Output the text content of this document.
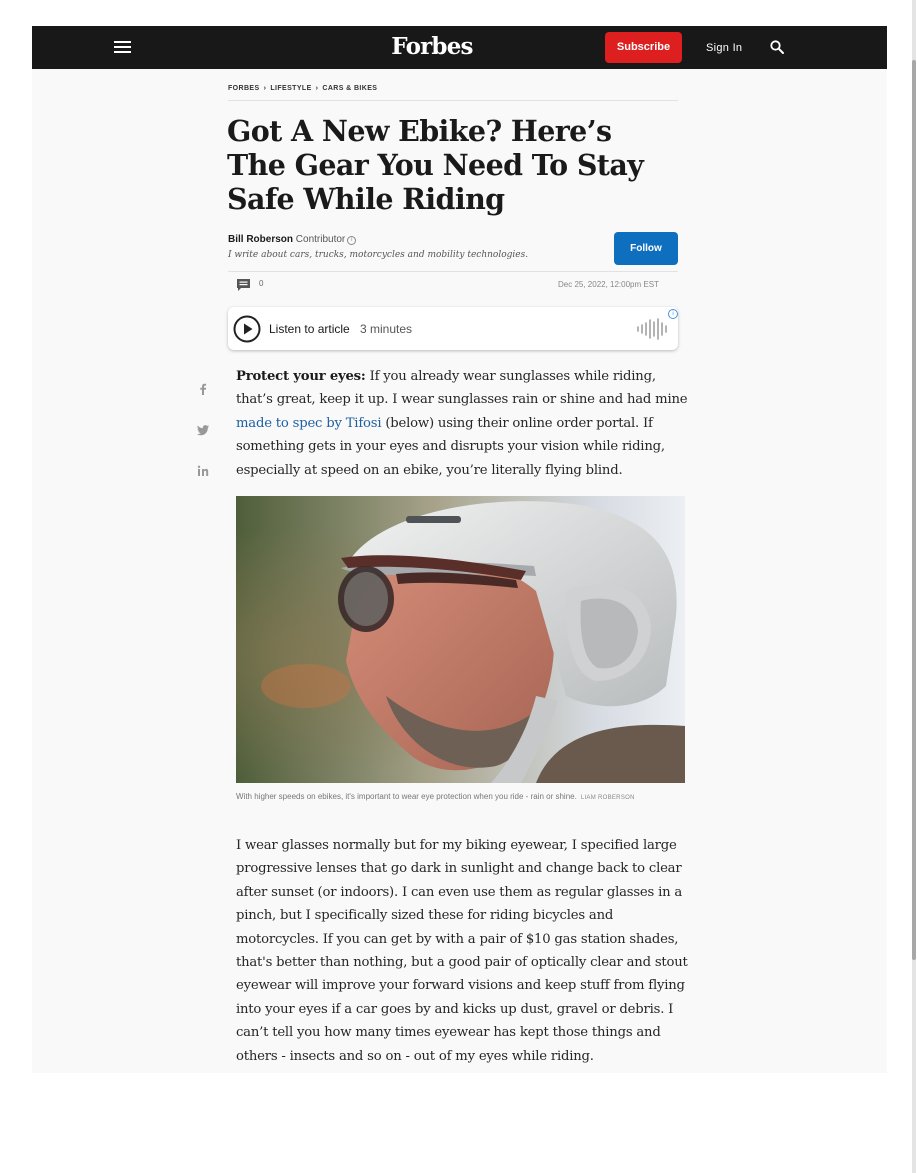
Forbes	Subscribe	Sign In
FORBES › LIFESTYLE › CARS & BIKES
Got A New Ebike? Here’s The Gear You Need To Stay Safe While Riding
Bill Roberson Contributor i
I write about cars, trucks, motorcycles and mobility technologies.
Follow
0	Dec 25, 2022, 12:00pm EST
Listen to article 3 minutes
i

Protect your eyes: If you already wear sunglasses while riding, that’s great, keep it up. I wear sunglasses rain or shine and had mine made to spec by Tifosi (below) using their online order portal. If something gets in your eyes and disrupts your vision while riding, especially at speed on an ebike, you’re literally flying blind.

With higher speeds on ebikes, it's important to wear eye protection when you ride - rain or shine. LIAM ROBERSON

I wear glasses normally but for my biking eyewear, I specified large progressive lenses that go dark in sunlight and change back to clear after sunset (or indoors). I can even use them as regular glasses in a pinch, but I specifically sized these for riding bicycles and motorcycles. If you can get by with a pair of $10 gas station shades, that's better than nothing, but a good pair of optically clear and stout eyewear will improve your forward visions and keep stuff from flying into your eyes if a car goes by and kicks up dust, gravel or debris. I can’t tell you how many times eyewear has kept those things and others - insects and so on - out of my eyes while riding.
